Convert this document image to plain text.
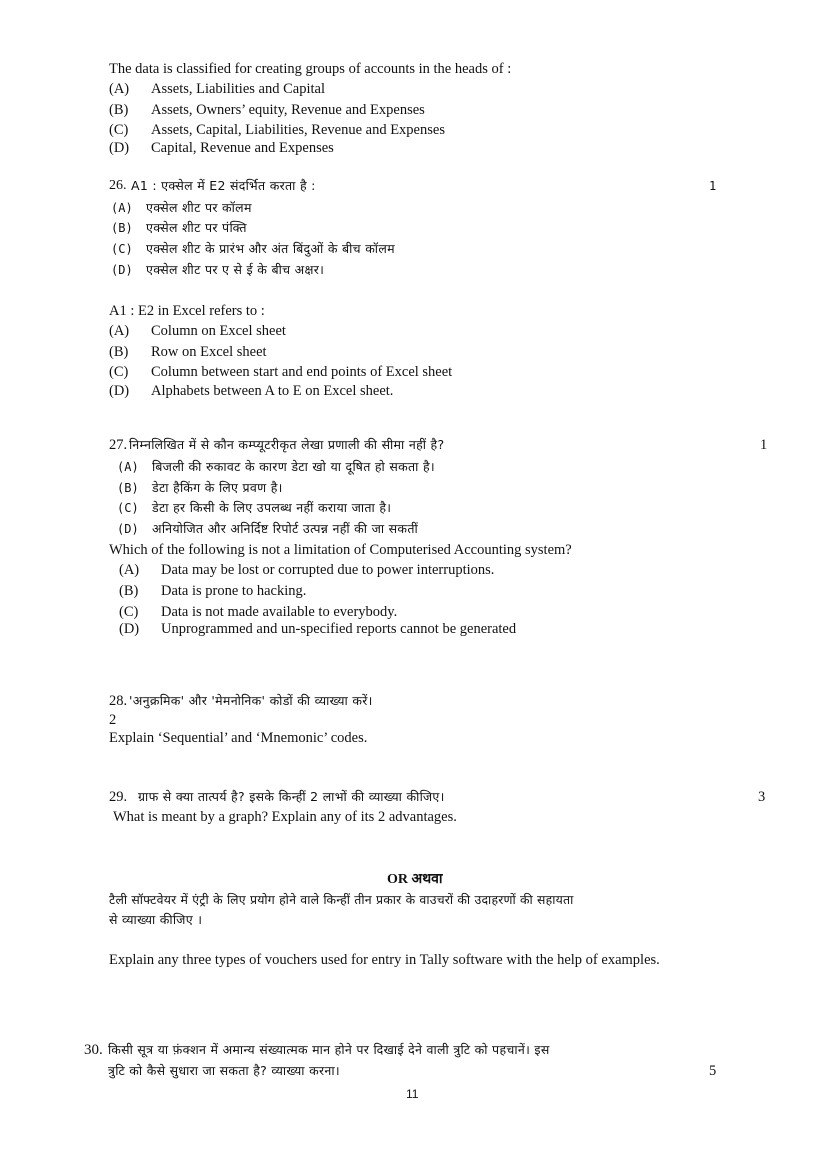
The data is classified for creating groups of accounts in the heads of :
(A) Assets, Liabilities and Capital
(B) Assets, Owners’ equity, Revenue and Expenses
(C) Assets, Capital, Liabilities, Revenue and Expenses
(D) Capital, Revenue and Expenses
26. A1 : एक्सेल में E2 संदर्भित करता है :	1
(A) एक्सेल शीट पर कॉलम
(B) एक्सेल शीट पर पंक्ति
(C) एक्सेल शीट के प्रारंभ और अंत बिंदुओं के बीच कॉलम
(D) एक्सेल शीट पर ए से ई के बीच अक्षर।
A1 : E2 in Excel refers to :
(A) Column on Excel sheet
(B) Row on Excel sheet
(C) Column between start and end points of Excel sheet
(D) Alphabets between A to E on Excel sheet.
27. निम्नलिखित में से कौन कम्प्यूटरीकृत लेखा प्रणाली की सीमा नहीं है?	1
(A) बिजली की रुकावट के कारण डेटा खो या दूषित हो सकता है।
(B) डेटा हैकिंग के लिए प्रवण है।
(C) डेटा हर किसी के लिए उपलब्ध नहीं कराया जाता है।
(D) अनियोजित और अनिर्दिष्ट रिपोर्ट उत्पन्न नहीं की जा सकतीं
Which of the following is not a limitation of Computerised Accounting system?
(A) Data may be lost or corrupted due to power interruptions.
(B) Data is prone to hacking.
(C) Data is not made available to everybody.
(D) Unprogrammed and un-specified reports cannot be generated
28. 'अनुक्रमिक' और 'मेमनोनिक' कोडों की व्याख्या करें।
2
Explain ‘Sequential’ and ‘Mnemonic’ codes.
29. ग्राफ से क्या तात्पर्य है? इसके किन्हीं 2 लाभों की व्याख्या कीजिए।	3
What is meant by a graph? Explain any of its 2 advantages.
OR अथवा
टैली सॉफ्टवेयर में एंट्री के लिए प्रयोग होने वाले किन्हीं तीन प्रकार के वाउचरों की उदाहरणों की सहायता
से व्याख्या कीजिए ।
Explain any three types of vouchers used for entry in Tally software with the help of examples.
30. किसी सूत्र या फ़ंक्शन में अमान्य संख्यात्मक मान होने पर दिखाई देने वाली त्रुटि को पहचानें। इस
त्रुटि को कैसे सुधारा जा सकता है? व्याख्या करना।	5
11
